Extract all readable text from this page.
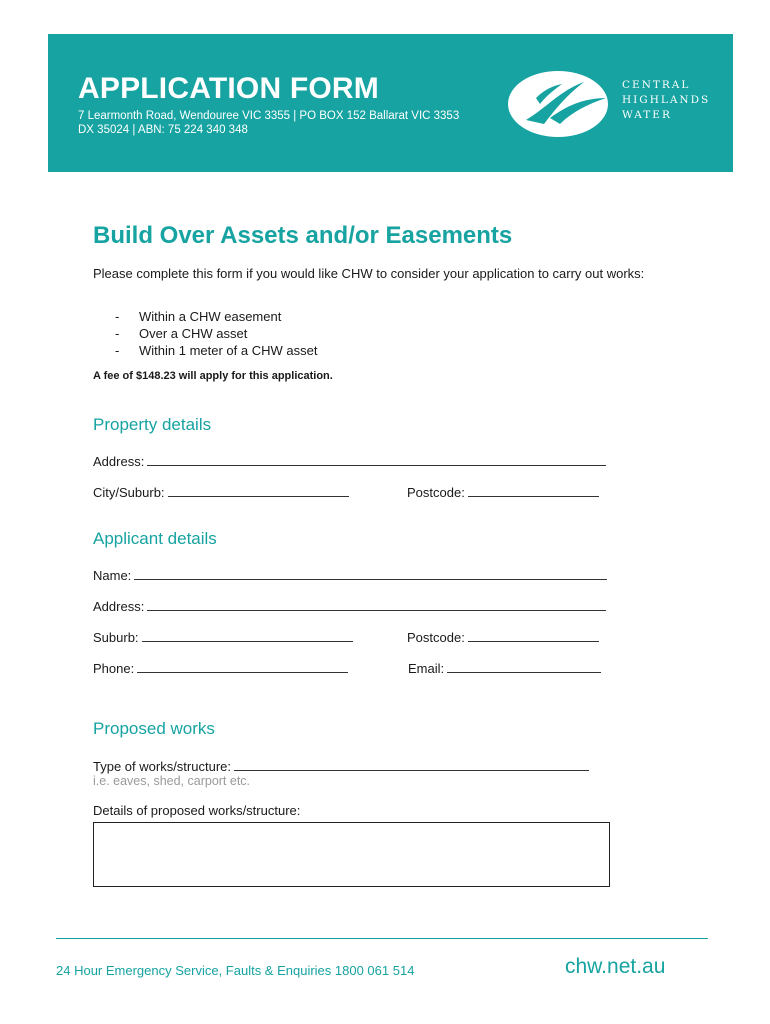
APPLICATION FORM
7 Learmonth Road, Wendouree VIC 3355 | PO BOX 152 Ballarat VIC 3353
DX 35024 | ABN: 75 224 340 348
CENTRAL
HIGHLANDS
WATER
Build Over Assets and/or Easements
Please complete this form if you would like CHW to consider your application to carry out works:
- Within a CHW easement
- Over a CHW asset
- Within 1 meter of a CHW asset
A fee of $148.23 will apply for this application.
Property details
Address:
City/Suburb:	Postcode:
Applicant details
Name:
Address:
Suburb:	Postcode:
Phone:	Email:
Proposed works
Type of works/structure:
i.e. eaves, shed, carport etc.
Details of proposed works/structure:
24 Hour Emergency Service, Faults & Enquiries 1800 061 514	chw.net.au
